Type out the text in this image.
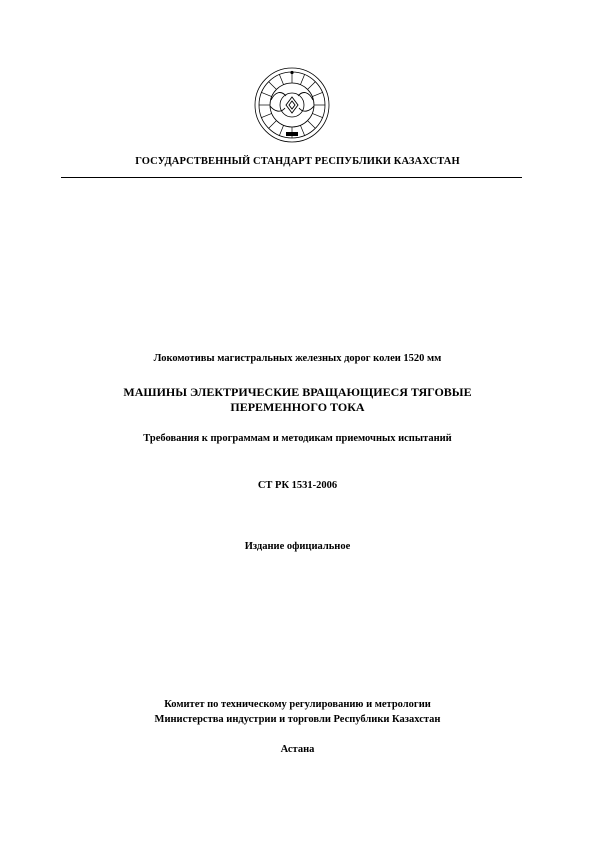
ГОСУДАРСТВЕННЫЙ СТАНДАРТ РЕСПУБЛИКИ КАЗАХСТАН
Локомотивы магистральных железных дорог колеи 1520 мм
МАШИНЫ ЭЛЕКТРИЧЕСКИЕ ВРАЩАЮЩИЕСЯ ТЯГОВЫЕ
ПЕРЕМЕННОГО ТОКА
Требования к программам и методикам приемочных испытаний
СТ РК 1531-2006
Издание официальное
Комитет по техническому регулированию и метрологии
Министерства индустрии и торговли Республики Казахстан
Астана
